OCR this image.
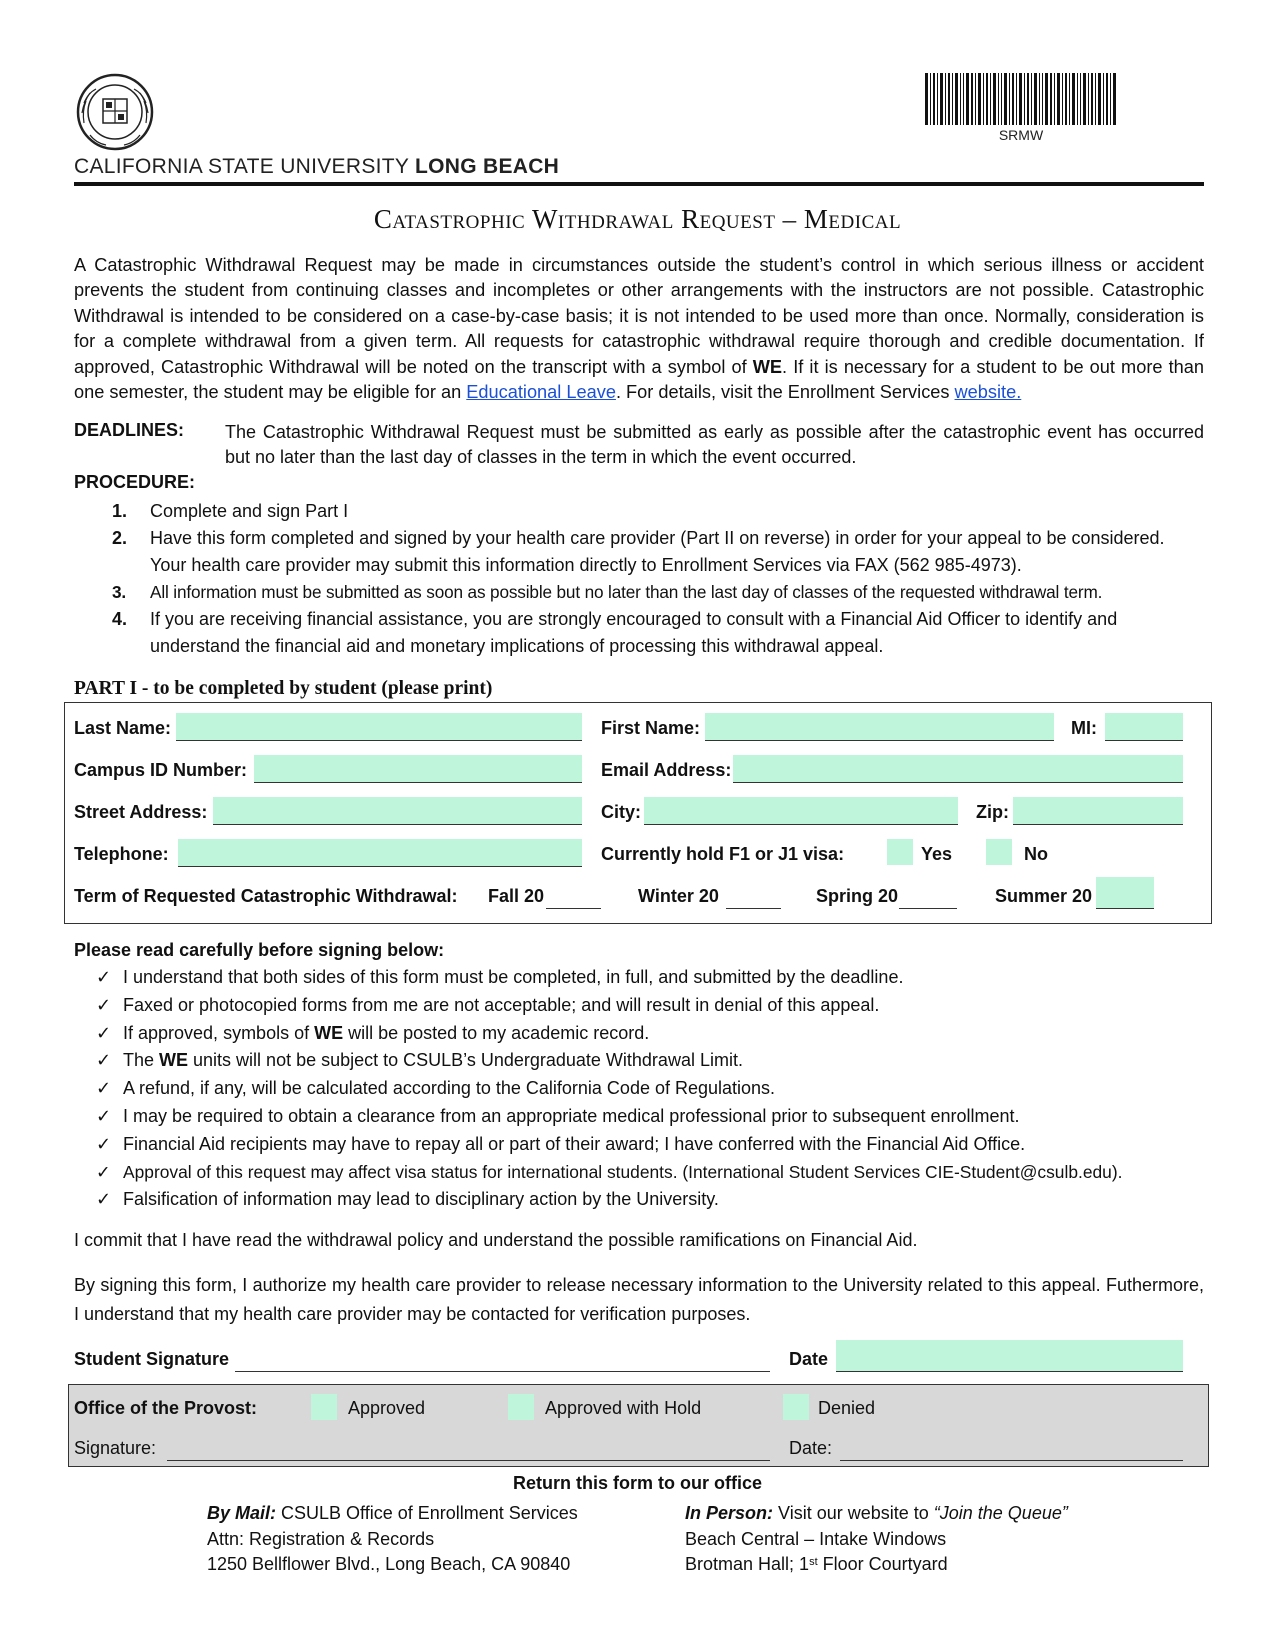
CALIFORNIA STATE UNIVERSITY LONG BEACH
SRMW
Catastrophic Withdrawal Request – Medical
A Catastrophic Withdrawal Request may be made in circumstances outside the student’s control in which serious illness or accident prevents the student from continuing classes and incompletes or other arrangements with the instructors are not possible. Catastrophic Withdrawal is intended to be considered on a case-by-case basis; it is not intended to be used more than once. Normally, consideration is for a complete withdrawal from a given term. All requests for catastrophic withdrawal require thorough and credible documentation. If approved, Catastrophic Withdrawal will be noted on the transcript with a symbol of WE. If it is necessary for a student to be out more than one semester, the student may be eligible for an Educational Leave. For details, visit the Enrollment Services website.
DEADLINES: The Catastrophic Withdrawal Request must be submitted as early as possible after the catastrophic event has occurred but no later than the last day of classes in the term in which the event occurred.
PROCEDURE:
1. Complete and sign Part I
2. Have this form completed and signed by your health care provider (Part II on reverse) in order for your appeal to be considered. Your health care provider may submit this information directly to Enrollment Services via FAX (562 985-4973).
3. All information must be submitted as soon as possible but no later than the last day of classes of the requested withdrawal term.
4. If you are receiving financial assistance, you are strongly encouraged to consult with a Financial Aid Officer to identify and understand the financial aid and monetary implications of processing this withdrawal appeal.
PART I - to be completed by student (please print)
Last Name:	First Name:	MI:
Campus ID Number:	Email Address:
Street Address:	City:	Zip:
Telephone:	Currently hold F1 or J1 visa:	Yes	No
Term of Requested Catastrophic Withdrawal: Fall 20	Winter 20	Spring 20	Summer 20
Please read carefully before signing below:
✓ I understand that both sides of this form must be completed, in full, and submitted by the deadline.
✓ Faxed or photocopied forms from me are not acceptable; and will result in denial of this appeal.
✓ If approved, symbols of WE will be posted to my academic record.
✓ The WE units will not be subject to CSULB’s Undergraduate Withdrawal Limit.
✓ A refund, if any, will be calculated according to the California Code of Regulations.
✓ I may be required to obtain a clearance from an appropriate medical professional prior to subsequent enrollment.
✓ Financial Aid recipients may have to repay all or part of their award; I have conferred with the Financial Aid Office.
✓ Approval of this request may affect visa status for international students. (International Student Services CIE-Student@csulb.edu).
✓ Falsification of information may lead to disciplinary action by the University.
I commit that I have read the withdrawal policy and understand the possible ramifications on Financial Aid.
By signing this form, I authorize my health care provider to release necessary information to the University related to this appeal. Futhermore, I understand that my health care provider may be contacted for verification purposes.
Student Signature	Date
Office of the Provost:	Approved	Approved with Hold	Denied
Signature:	Date:
Return this form to our office
By Mail: CSULB Office of Enrollment Services
Attn: Registration & Records
1250 Bellflower Blvd., Long Beach, CA 90840
In Person: Visit our website to “Join the Queue”
Beach Central – Intake Windows
Brotman Hall; 1st Floor Courtyard
